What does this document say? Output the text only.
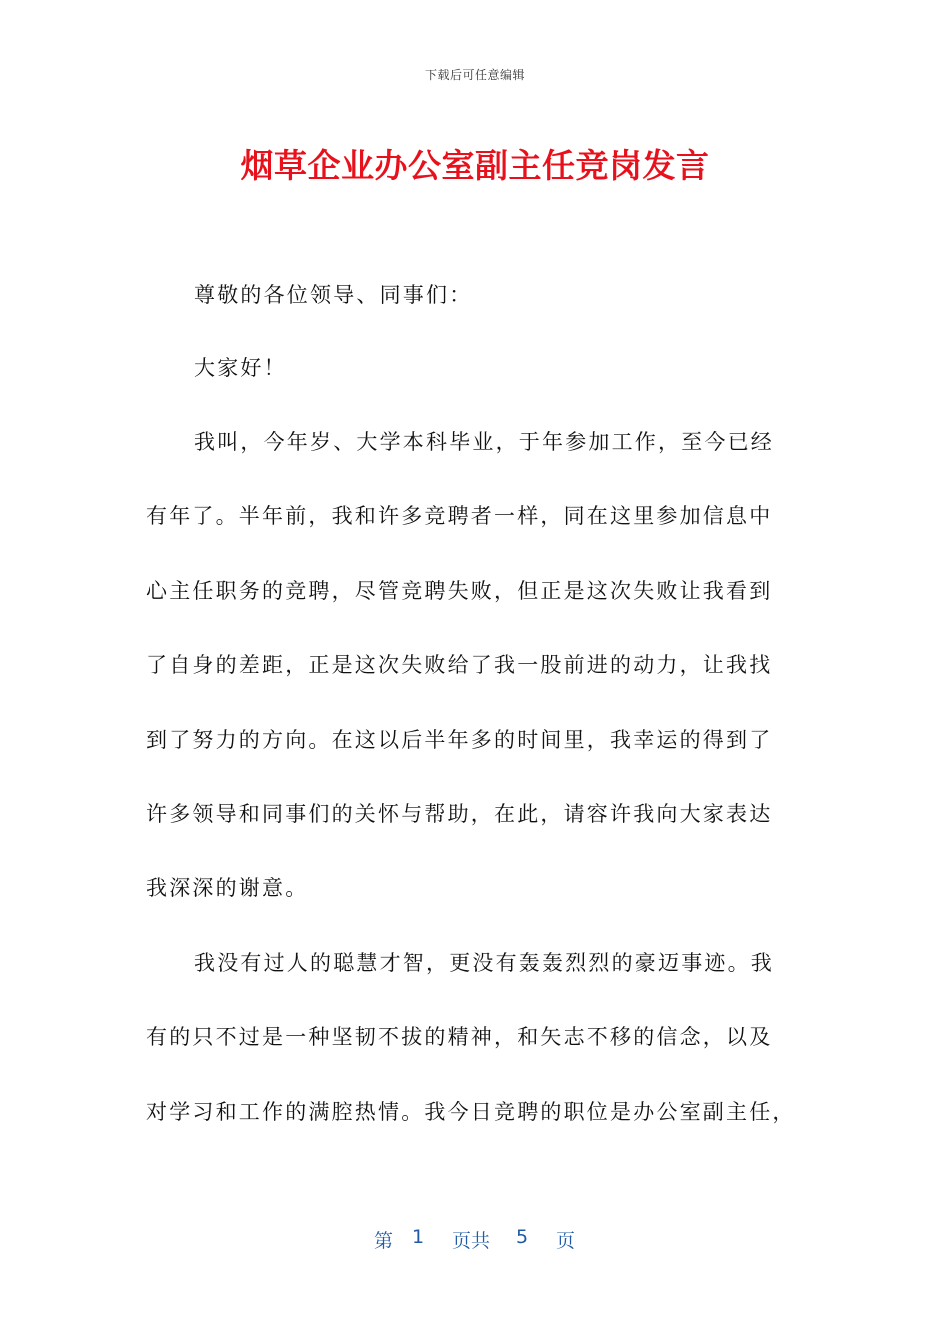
下载后可任意编辑
烟草企业办公室副主任竞岗发言
尊敬的各位领导、同事们：
大家好！
我叫，今年岁、大学本科毕业，于年参加工作，至今已经
有年了。半年前，我和许多竞聘者一样，同在这里参加信息中
心主任职务的竞聘，尽管竞聘失败，但正是这次失败让我看到
了自身的差距，正是这次失败给了我一股前进的动力，让我找
到了努力的方向。在这以后半年多的时间里，我幸运的得到了
许多领导和同事们的关怀与帮助，在此，请容许我向大家表达
我深深的谢意。
我没有过人的聪慧才智，更没有轰轰烈烈的豪迈事迹。我
有的只不过是一种坚韧不拔的精神，和矢志不移的信念，以及
对学习和工作的满腔热情。我今日竞聘的职位是办公室副主任，
第 1 页共 5 页
